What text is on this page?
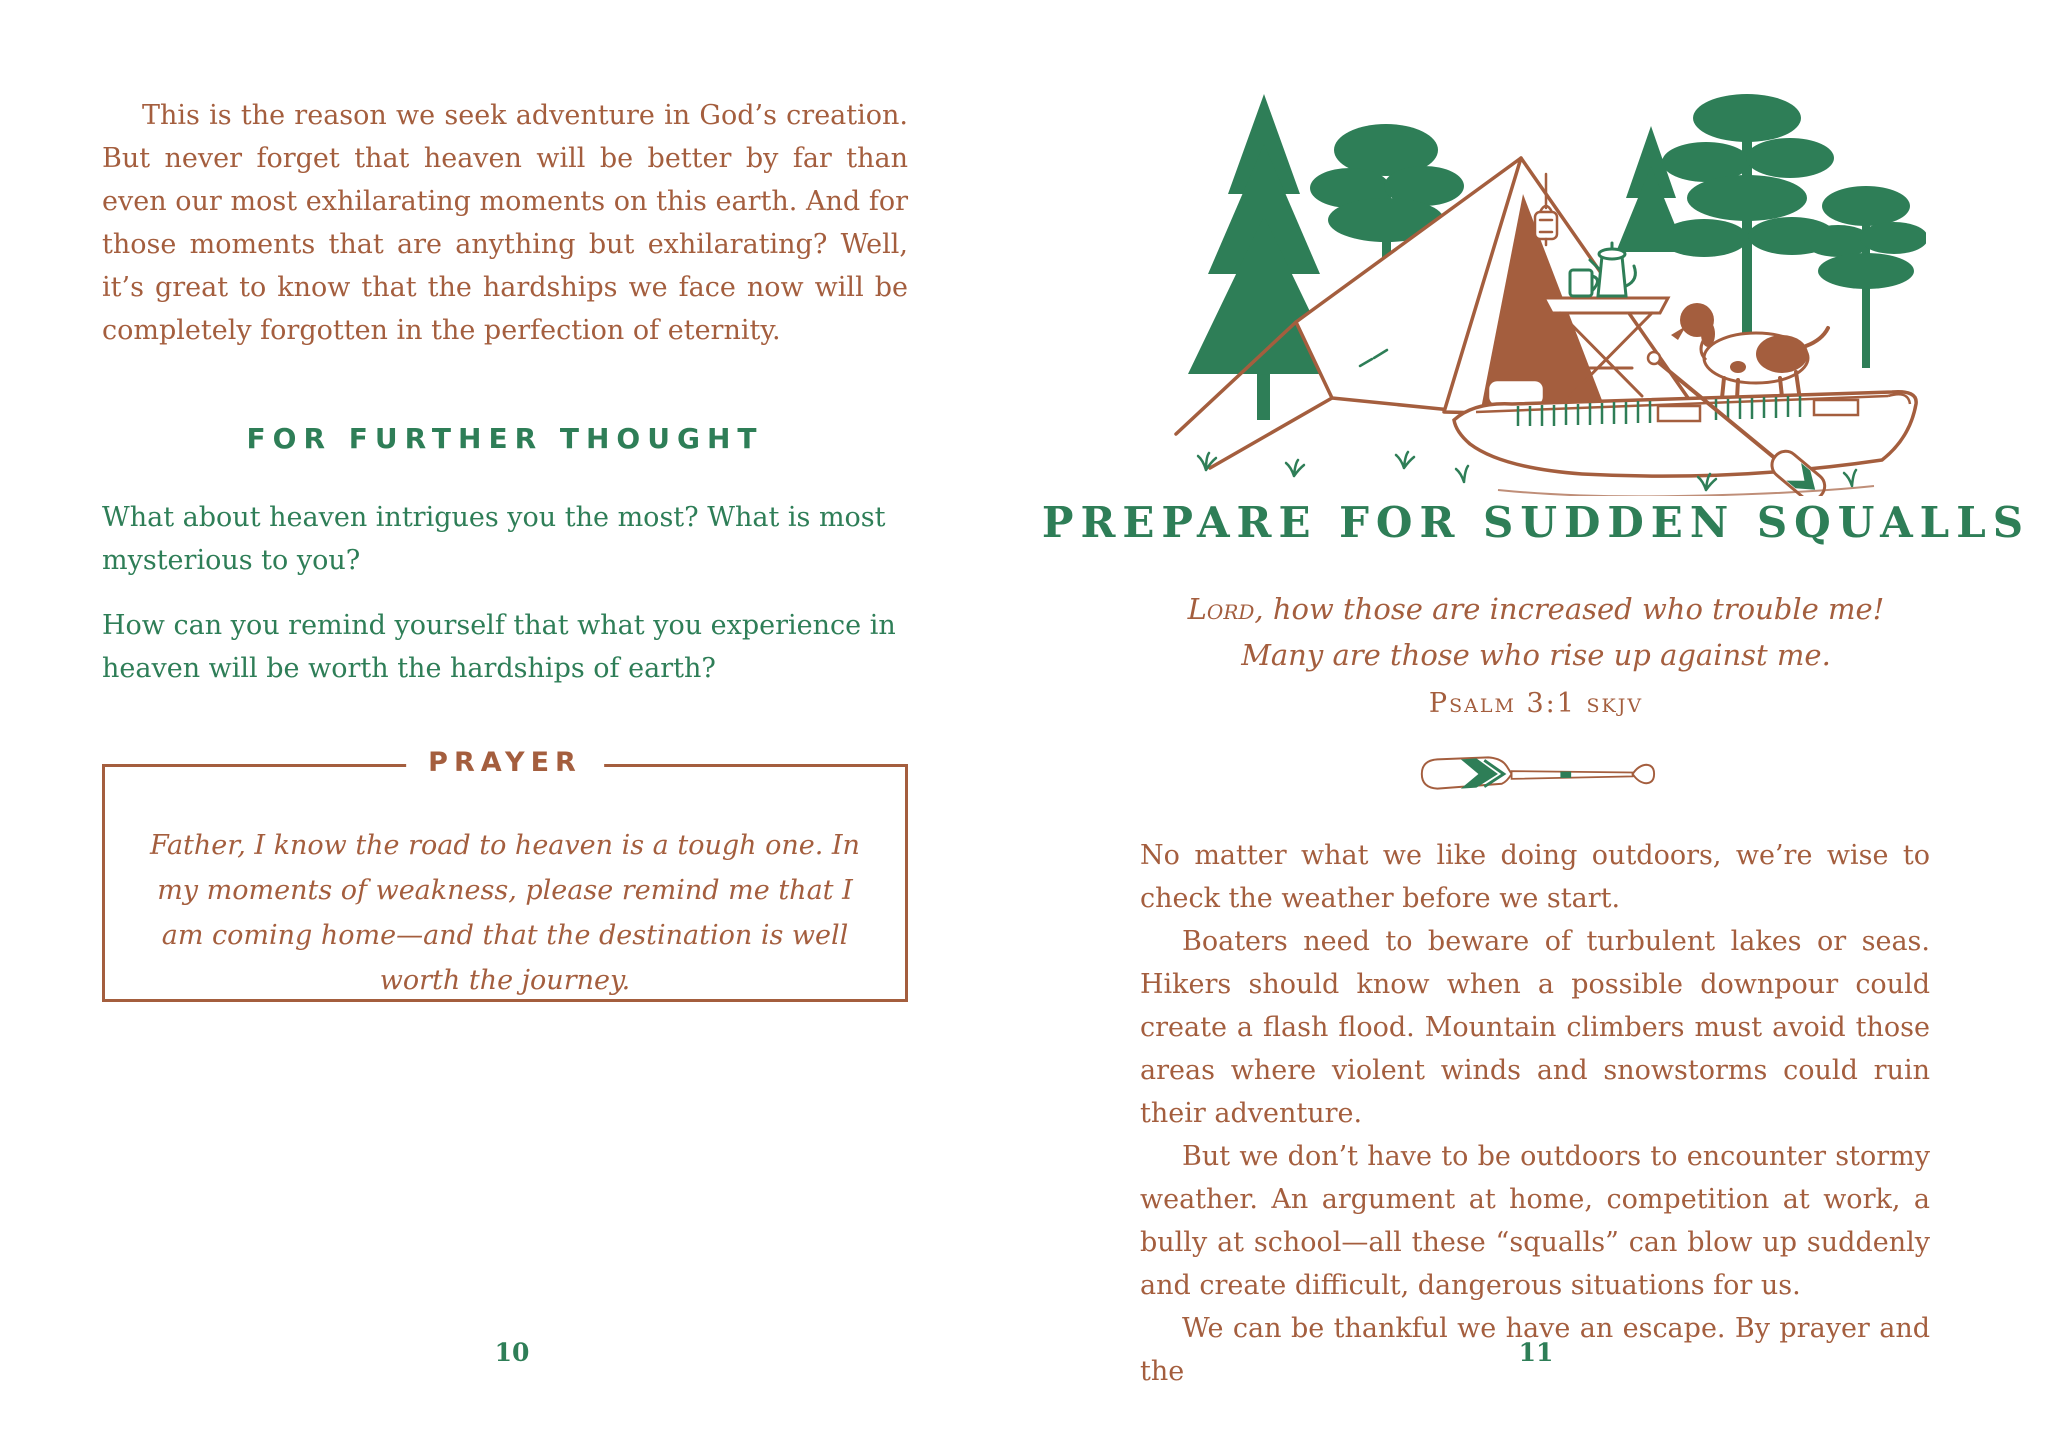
This is the reason we seek adventure in God’s creation. But never forget that heaven will be better by far than even our most exhilarating moments on this earth. And for those moments that are anything but exhilarating? Well, it’s great to know that the hardships we face now will be completely forgotten in the perfection of eternity.

FOR FURTHER THOUGHT

What about heaven intrigues you the most? What is most mysterious to you?

How can you remind yourself that what you experience in heaven will be worth the hardships of earth?

PRAYER

Father, I know the road to heaven is a tough one. In my moments of weakness, please remind me that I am coming home—and that the destination is well worth the journey.

10
PREPARE FOR SUDDEN SQUALLS

Lord, how those are increased who trouble me!

Many are those who rise up against me.

Psalm 3:1 skjv

No matter what we like doing outdoors, we’re wise to check the weather before we start.

Boaters need to beware of turbulent lakes or seas. Hikers should know when a possible downpour could create a flash flood. Mountain climbers must avoid those areas where violent winds and snowstorms could ruin their adventure.

But we don’t have to be outdoors to encounter stormy weather. An argument at home, competition at work, a bully at school—all these “squalls” can blow up suddenly and create difficult, dangerous situations for us.

We can be thankful we have an escape. By prayer and the

11
